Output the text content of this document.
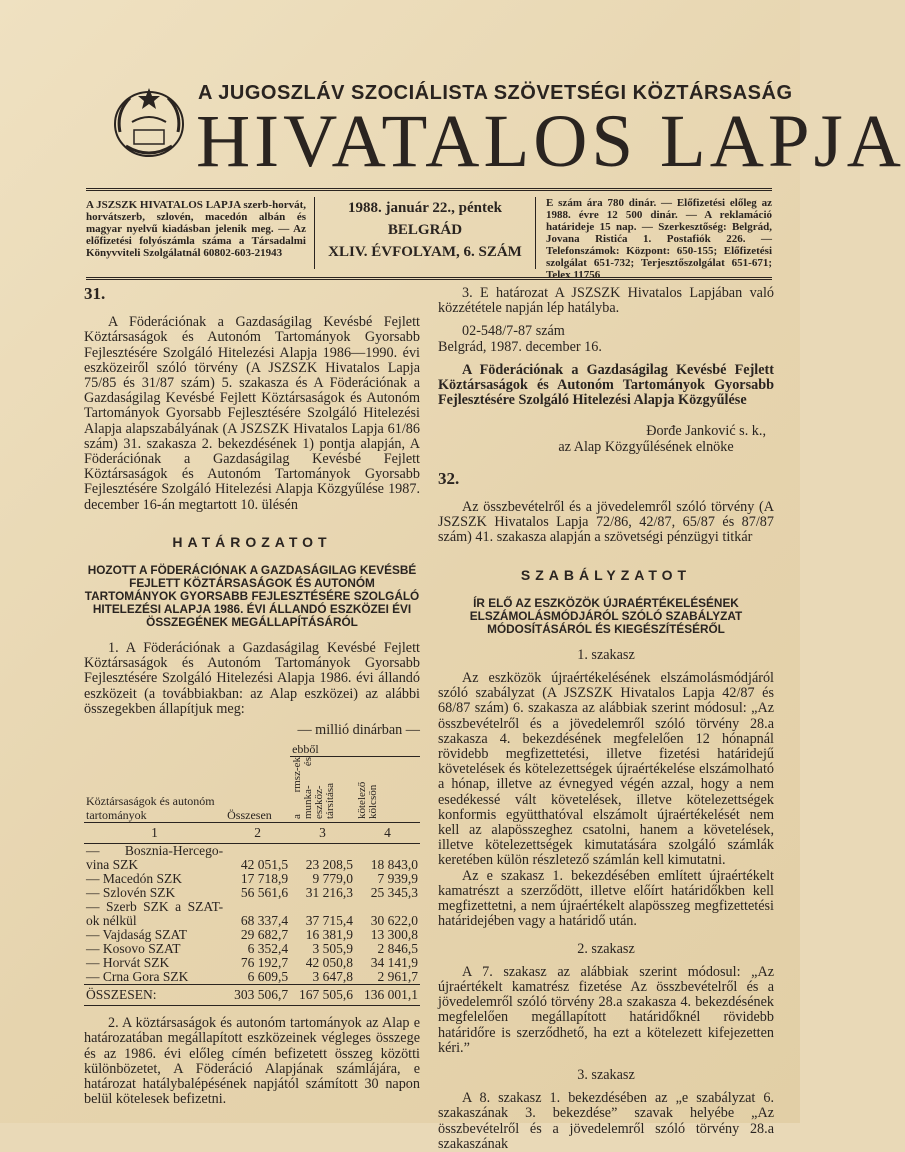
A JUGOSZLÁV SZOCIÁLISTA SZÖVETSÉGI KÖZTÁRSASÁG
HIVATALOS LAPJA
A JSZSZK HIVATALOS LAPJA szerb-horvát, horvátszerb, szlovén, macedón albán és magyar nyelvű kiadásban jelenik meg. — Az előfizetési folyószámla száma a Társadalmi Könyvviteli Szolgálatnál 60802-603-21943
1988. január 22., péntek
BELGRÁD
XLIV. ÉVFOLYAM, 6. SZÁM
E szám ára 780 dinár. — Előfizetési előleg az 1988. évre 12 500 dinár. — A reklamáció határideje 15 nap. — Szerkesztőség: Belgrád, Jovana Ristića 1. Postafiók 226. — Telefonszámok: Központ: 650-155; Előfizetési szolgálat 651-732; Terjesztőszolgálat 651-671; Telex 11756

31.

A Föderációnak a Gazdaságilag Kevésbé Fejlett Köztársaságok és Autonóm Tartományok Gyorsabb Fejlesztésére Szolgáló Hitelezési Alapja 1986—1990. évi eszközeiről szóló törvény (A JSZSZK Hivatalos Lapja 75/85 és 31/87 szám) 5. szakasza és A Föderációnak a Gazdaságilag Kevésbé Fejlett Köztársaságok és Autonóm Tartományok Gyorsabb Fejlesztésére Szolgáló Hitelezési Alapja alapszabályának (A JSZSZK Hivatalos Lapja 61/86 szám) 31. szakasza 2. bekezdésének 1) pontja alapján, A Föderációnak a Gazdaságilag Kevésbé Fejlett Köztársaságok és Autonóm Tartományok Gyorsabb Fejlesztésére Szolgáló Hitelezési Alapja Közgyűlése 1987. december 16-án megtartott 10. ülésén

HATÁROZATOT

HOZOTT A FÖDERÁCIÓNAK A GAZDASÁGILAG KEVÉSBÉ FEJLETT KÖZTÁRSASÁGOK ÉS AUTONÓM TARTOMÁNYOK GYORSABB FEJLESZTÉSÉRE SZOLGÁLÓ HITELEZÉSI ALAPJA 1986. ÉVI ÁLLANDÓ ESZKÖZEI ÉVI ÖSSZEGÉNEK MEGÁLLAPÍTÁSÁRÓL

1. A Föderációnak a Gazdaságilag Kevésbé Fejlett Köztársaságok és Autonóm Tartományok Gyorsabb Fejlesztésére Szolgáló Hitelezési Alapja 1986. évi állandó eszközeit (a továbbiakban: az Alap eszközei) az alábbi összegekben állapítjuk meg:

— millió dinárban —

Köztársaságok és autonóm tartományok	Összesen	ebből	
		a rmsz-ek munka- és eszköz-társítása	kötelező kölcsön
1	2	3	4
— Bosznia-Hercego-vina SZK	42 051,5	23 208,5	18 843,0
— Macedón SZK	17 718,9	9 779,0	7 939,9
— Szlovén SZK	56 561,6	31 216,3	25 345,3
— Szerb SZK a SZAT-ok nélkül	68 337,4	37 715,4	30 622,0
— Vajdaság SZAT	29 682,7	16 381,9	13 300,8
— Kosovo SZAT	6 352,4	3 505,9	2 846,5
— Horvát SZK	76 192,7	42 050,8	34 141,9
— Crna Gora SZK	6 609,5	3 647,8	2 961,7
ÖSSZESEN:	303 506,7	167 505,6	136 001,1

2. A köztársaságok és autonóm tartományok az Alap e határozatában megállapított eszközeinek végleges összege és az 1986. évi előleg címén befizetett összeg közötti különbözetet, A Föderáció Alapjának számlájára, e határozat hatálybalépésének napjától számított 30 napon belül kötelesek befizetni.

3. E határozat A JSZSZK Hivatalos Lapjában való közzététele napján lép hatályba.

02-548/7-87 szám

Belgrád, 1987. december 16.

A Föderációnak a Gazdaságilag Kevésbé Fejlett Köztársaságok és Autonóm Tartományok Gyorsabb Fejlesztésére Szolgáló Hitelezési Alapja Közgyűlése

Đorđe Janković s. k.,

az Alap Közgyűlésének elnöke

32.

Az összbevételről és a jövedelemről szóló törvény (A JSZSZK Hivatalos Lapja 72/86, 42/87, 65/87 és 87/87 szám) 41. szakasza alapján a szövetségi pénzügyi titkár

SZABÁLYZATOT

ÍR ELŐ AZ ESZKÖZÖK ÚJRAÉRTÉKELÉSÉNEK ELSZÁMOLÁSMÓDJÁRÓL SZÓLÓ SZABÁLYZAT MÓDOSÍTÁSÁRÓL ÉS KIEGÉSZÍTÉSÉRŐL

1. szakasz

Az eszközök újraértékelésének elszámolásmódjáról szóló szabályzat (A JSZSZK Hivatalos Lapja 42/87 és 68/87 szám) 6. szakasza az alábbiak szerint módosul: „Az összbevételről és a jövedelemről szóló törvény 28.a szakasza 4. bekezdésének megfelelően 12 hónapnál rövidebb megfizettetési, illetve fizetési határidejű követelések és kötelezettségek újraértékelése elszámolható a hónap, illetve az évnegyed végén azzal, hogy a nem esedékessé vált követelések, illetve kötelezettségek konformis együtthatóval elszámolt újraértékelését nem kell az alapösszeghez csatolni, hanem a követelések, illetve kötelezettségek kimutatására szolgáló számlák keretében külön részletező számlán kell kimutatni.

Az e szakasz 1. bekezdésében említett újraértékelt kamatrészt a szerződött, illetve előírt határidőkben kell megfizettetni, a nem újraértékelt alapösszeg megfizettetési határidejében vagy a határidő után.

2. szakasz

A 7. szakasz az alábbiak szerint módosul: „Az újraértékelt kamatrész fizetése Az összbevételről és a jövedelemről szóló törvény 28.a szakasza 4. bekezdésének megfelelően megállapított határidőknél rövidebb határidőre is szerződhető, ha ezt a kötelezett kifejezetten kéri.”

3. szakasz

A 8. szakasz 1. bekezdésében az „e szabályzat 6. szakaszának 3. bekezdése” szavak helyébe „Az összbevételről és a jövedelemről szóló törvény 28.a szakaszának
